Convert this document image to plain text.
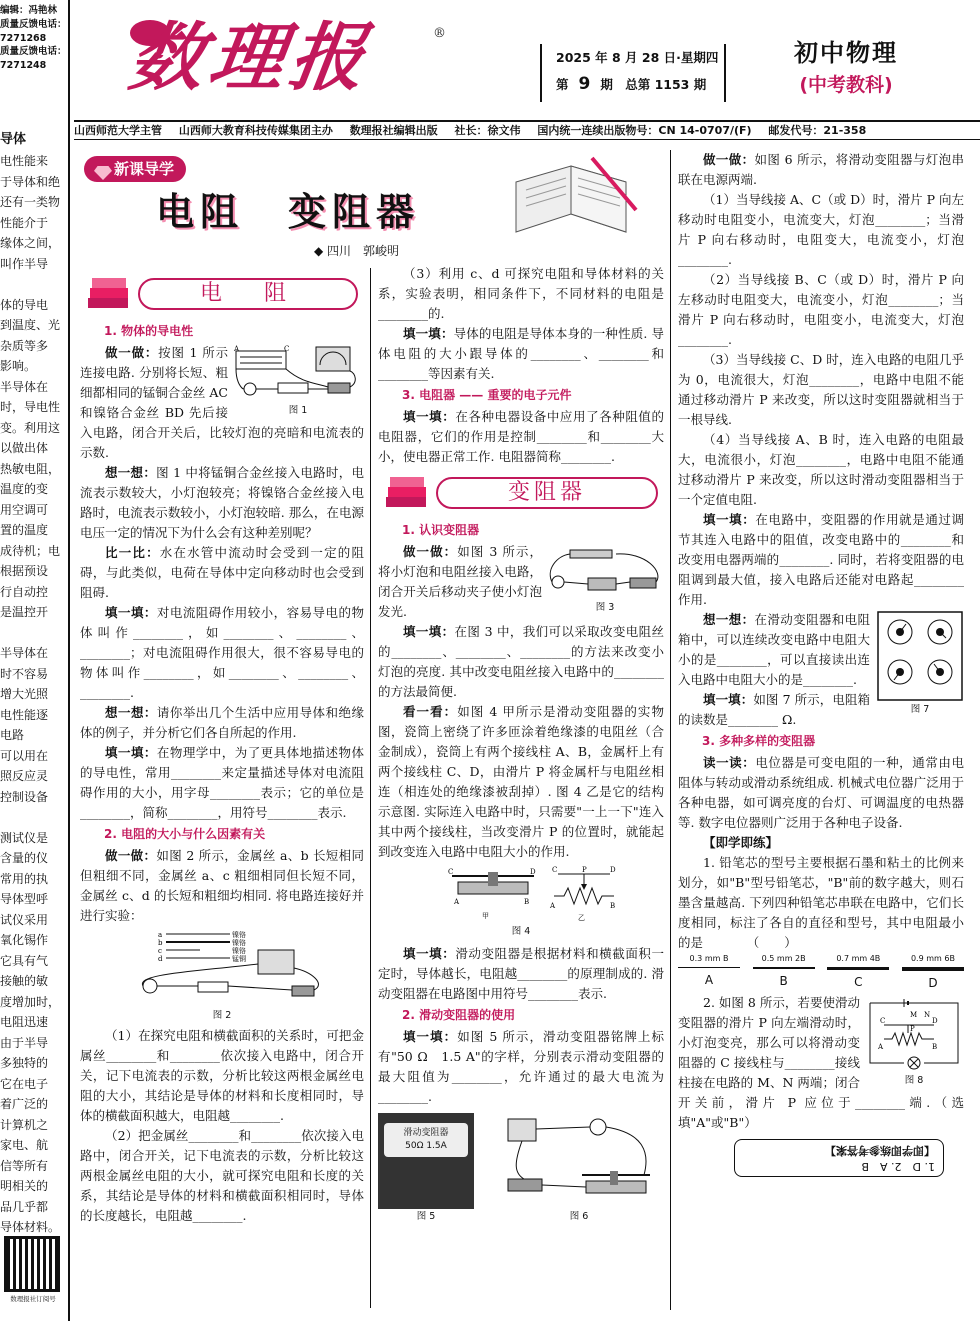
编辑：冯艳林
质量反馈电话：
7271268
质量反馈电话：
7271248
导体
电性能来
于导体和绝
还有一类物
性能介于
缘体之间，
叫作半导
体的导电
到温度、光
杂质等多
影响。
半导体在
时，导电性
变。利用这
以做出体
热敏电阻，
温度的变
用空调可
置的温度
成待机；电
根据预设
行自动控
是温控开
半导体在
时不容易
增大光照
电性能逐
电路
可以用在
照反应灵
控制设备
测试仪是
含量的仪
常用的执
导体型呼
试仪采用
氧化锡作
它具有气
接触的敏
度增加时，
电阻迅速
由于半导
多独特的
它在电子
着广泛的
计算机之
家电、航
信等所有
明相关的
品几乎都
导体材料。
数理报社订阅号
数理报	®
2025 年 8 月 28 日·星期四
第 9 期 总第 1153 期
初中物理
(中考教科)
山西师范大学主管 山西师大教育科技传媒集团主办 数理报社编辑出版 社长：徐文伟 国内统一连续出版物号：CN 14-0707/(F) 邮发代号：21-358
新课导学
电阻　变阻器
◆ 四川　郭峻明
电　阻
1. 物体的导电性
A	C
图 1

做一做：按图 1 所示连接电路. 分别将长短、粗细都相同的锰铜合金丝 AC 和镍铬合金丝 BD 先后接入电路，闭合开关后，比较灯泡的亮暗和电流表的示数.

想一想：图 1 中将锰铜合金丝接入电路时，电流表示数较大，小灯泡较亮；将镍铬合金丝接入电路时，电流表示数较小，小灯泡较暗. 那么，在电源电压一定的情况下为什么会有这种差别呢？

比一比：水在水管中流动时会受到一定的阻碍，与此类似，电荷在导体中定向移动时也会受到阻碍.

填一填：对电流阻碍作用较小，容易导电的物体叫作________，如________、________、________；对电流阻碍作用很大，很不容易导电的物体叫作________，如________、________、________.

想一想：请你举出几个生活中应用导体和绝缘体的例子，并分析它们各自所起的作用.

填一填：在物理学中，为了更具体地描述物体的导电性，常用________来定量描述导体对电流阻碍作用的大小，用字母________表示；它的单位是________，简称________，用符号________表示.

2. 电阻的大小与什么因素有关

做一做：如图 2 所示，金属丝 a、b 长短相同但粗细不同，金属丝 a、c 粗细相同但长短不同，金属丝 c、d 的长短和粗细均相同. 将电路连接好并进行实验：

a
b
c
d
镍铬
镍铬
镍铬
锰铜
图 2

（1）在探究电阻和横截面积的关系时，可把金属丝________和________依次接入电路中，闭合开关，记下电流表的示数，分析比较这两根金属丝电阻的大小，其结论是导体的材料和长度相同时，导体的横截面积越大，电阻越________.

（2）把金属丝________和________依次接入电路中，闭合开关，记下电流表的示数，分析比较这两根金属丝电阻的大小，就可探究电阻和长度的关系，其结论是导体的材料和横截面积相同时，导体的长度越长，电阻越________.

（3）利用 c、d 可探究电阻和导体材料的关系，实验表明，相同条件下，不同材料的电阻是________的.

填一填：导体的电阻是导体本身的一种性质. 导体电阻的大小跟导体的________、________和________等因素有关.

3. 电阻器 —— 重要的电子元件

填一填：在各种电器设备中应用了各种阻值的电阻器，它们的作用是控制________和________大小，使电器正常工作. 电阻器简称________.

变阻器
1. 认识变阻器
图 3

做一做：如图 3 所示，将小灯泡和电阻丝接入电路，闭合开关后移动夹子使小灯泡发光.

填一填：在图 3 中，我们可以采取改变电阻丝的________、________、________的方法来改变小灯泡的亮度. 其中改变电阻丝接入电路中的________的方法最简便.

看一看：如图 4 甲所示是滑动变阻器的实物图，瓷筒上密绕了许多匝涂着绝缘漆的电阻丝（合金制成），瓷筒上有两个接线柱 A、B，金属杆上有两个接线柱 C、D，由滑片 P 将金属杆与电阻丝相连（相连处的绝缘漆被刮掉）. 图 4 乙是它的结构示意图. 实际连入电路中时，只需要"一上一下"连入其中两个接线柱，当改变滑片 P 的位置时，就能起到改变连入电路中电阻大小的作用.

C	D
A	B
甲
C	D
P
A	B
乙
图 4

填一填：滑动变阻器是根据材料和横截面积一定时，导体越长，电阻越________的原理制成的. 滑动变阻器在电路图中用符号________表示.

2. 滑动变阻器的使用

填一填：如图 5 所示，滑动变阻器铭牌上标有"50 Ω　1.5 A"的字样，分别表示滑动变阻器的最大阻值为________，允许通过的最大电流为________.

滑动变阻器
50Ω 1.5A
图 5	图 6

做一做：如图 6 所示，将滑动变阻器与灯泡串联在电源两端.

（1）当导线接 A、C（或 D）时，滑片 P 向左移动时电阻变小，电流变大，灯泡________；当滑片 P 向右移动时，电阻变大，电流变小，灯泡________.

（2）当导线接 B、C（或 D）时，滑片 P 向左移动时电阻变大，电流变小，灯泡________；当滑片 P 向右移动时，电阻变小，电流变大，灯泡________.

（3）当导线接 C、D 时，连入电路的电阻几乎为 0，电流很大，灯泡________，电路中电阻不能通过移动滑片 P 来改变，所以这时变阻器就相当于一根导线.

（4）当导线接 A、B 时，连入电路的电阻最大，电流很小，灯泡________，电路中电阻不能通过移动滑片 P 来改变，所以这时滑动变阻器相当于一个定值电阻.

填一填：在电路中，变阻器的作用就是通过调节其连入电路中的阻值，改变电路中的________和改变用电器两端的________. 同时，若将变阻器的电阻调到最大值，接入电路后还能对电路起________作用.

图 7

想一想：在滑动变阻器和电阻箱中，可以连续改变电路中电阻大小的是________，可以直接读出连入电路中电阻大小的是________.

填一填：如图 7 所示，电阻箱的读数是________ Ω.

3. 多种多样的变阻器

读一读：电位器是可变电阻的一种，通常由电阻体与转动或滑动系统组成. 机械式电位器广泛用于各种电器，如可调亮度的台灯、可调温度的电热器等. 数字电位器则广泛用于各种电子设备.

【即学即练】

1. 铅笔芯的型号主要根据石墨和粘土的比例来划分，如"B"型号铅笔芯，"B"前的数字越大，则石墨含量越高. 下列四种铅笔芯串联在电路中，它们长度相同，标注了各自的直径和型号，其中电阻最小的是　　　　（　　）

0.3 mm B
A
0.5 mm 2B
B
0.7 mm 4B
C
0.9 mm 6B
D
C	D
P
A	B
M N
图 8

2. 如图 8 所示，若要使滑动变阻器的滑片 P 向左端滑动时，小灯泡变亮，那么可以将滑动变阻器的 C 接线柱与________接线柱接在电路的 M、N 两端；闭合开关前，滑片 P 应位于________端.（选填"A"或"B"）

1. D　2. A　B
【即学即练参考答案】
